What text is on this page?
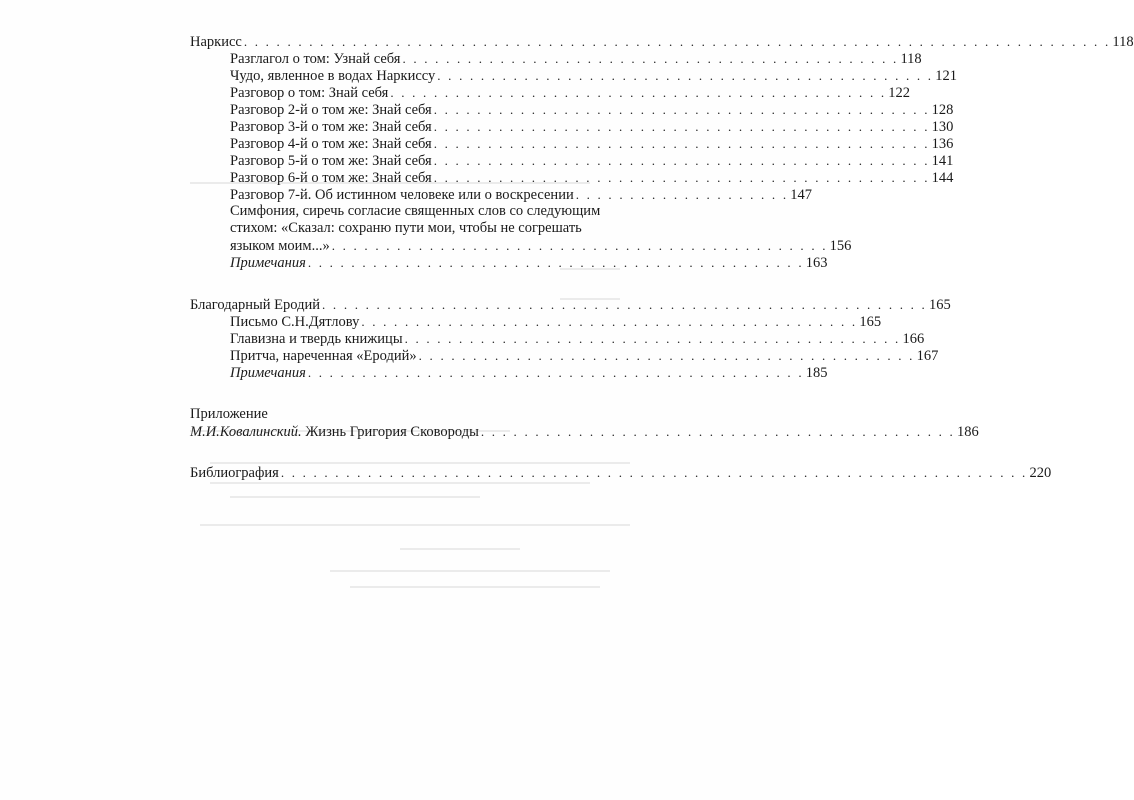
Наркисс . . . . . . . . . . . . . . . . . . . . . . . . . . . . . . . . . . . . . . . . . . . . . . . . . . . . . . . . . . . . . . . . . . . . . . . . . . . . . . . . 118
Разглагол о том: Узнай себя . . . . . . . . . . . . . . . . . . . . . . . . . . . . . . . . . . . . . . . . . . . . . . 118
Чудо, явленное в водах Наркиссу . . . . . . . . . . . . . . . . . . . . . . . . . . . . . . . . . . . . . . . . . . . . . . 121
Разговор о том: Знай себя . . . . . . . . . . . . . . . . . . . . . . . . . . . . . . . . . . . . . . . . . . . . . . 122
Разговор 2-й о том же: Знай себя . . . . . . . . . . . . . . . . . . . . . . . . . . . . . . . . . . . . . . . . . . . . . . 128
Разговор 3-й о том же: Знай себя . . . . . . . . . . . . . . . . . . . . . . . . . . . . . . . . . . . . . . . . . . . . . . 130
Разговор 4-й о том же: Знай себя . . . . . . . . . . . . . . . . . . . . . . . . . . . . . . . . . . . . . . . . . . . . . . 136
Разговор 5-й о том же: Знай себя . . . . . . . . . . . . . . . . . . . . . . . . . . . . . . . . . . . . . . . . . . . . . . 141
Разговор 6-й о том же: Знай себя . . . . . . . . . . . . . . . . . . . . . . . . . . . . . . . . . . . . . . . . . . . . . . 144
Разговор 7-й. Об истинном человеке или о воскресении . . . . . . . . . . . . . . . . . . . . 147
Симфония, сиречь согласие священных слов со следующим
стихом: «Сказал: сохраню пути мои, чтобы не согрешать
языком моим...» . . . . . . . . . . . . . . . . . . . . . . . . . . . . . . . . . . . . . . . . . . . . . . 156
Примечания . . . . . . . . . . . . . . . . . . . . . . . . . . . . . . . . . . . . . . . . . . . . . . 163
Благодарный Еродий . . . . . . . . . . . . . . . . . . . . . . . . . . . . . . . . . . . . . . . . . . . . . . . . . . . . . . . . 165
Письмо С.Н.Дятлову . . . . . . . . . . . . . . . . . . . . . . . . . . . . . . . . . . . . . . . . . . . . . . 165
Главизна и твердь книжицы . . . . . . . . . . . . . . . . . . . . . . . . . . . . . . . . . . . . . . . . . . . . . . 166
Притча, нареченная «Еродий» . . . . . . . . . . . . . . . . . . . . . . . . . . . . . . . . . . . . . . . . . . . . . . 167
Примечания . . . . . . . . . . . . . . . . . . . . . . . . . . . . . . . . . . . . . . . . . . . . . . 185
Приложение
М.И.Ковалинский. Жизнь Григория Сковороды . . . . . . . . . . . . . . . . . . . . . . . . . . . . . . . . . . . . . . . . . . . . 186
Библиография . . . . . . . . . . . . . . . . . . . . . . . . . . . . . . . . . . . . . . . . . . . . . . . . . . . . . . . . . . . . . . . . . . . . . 220
